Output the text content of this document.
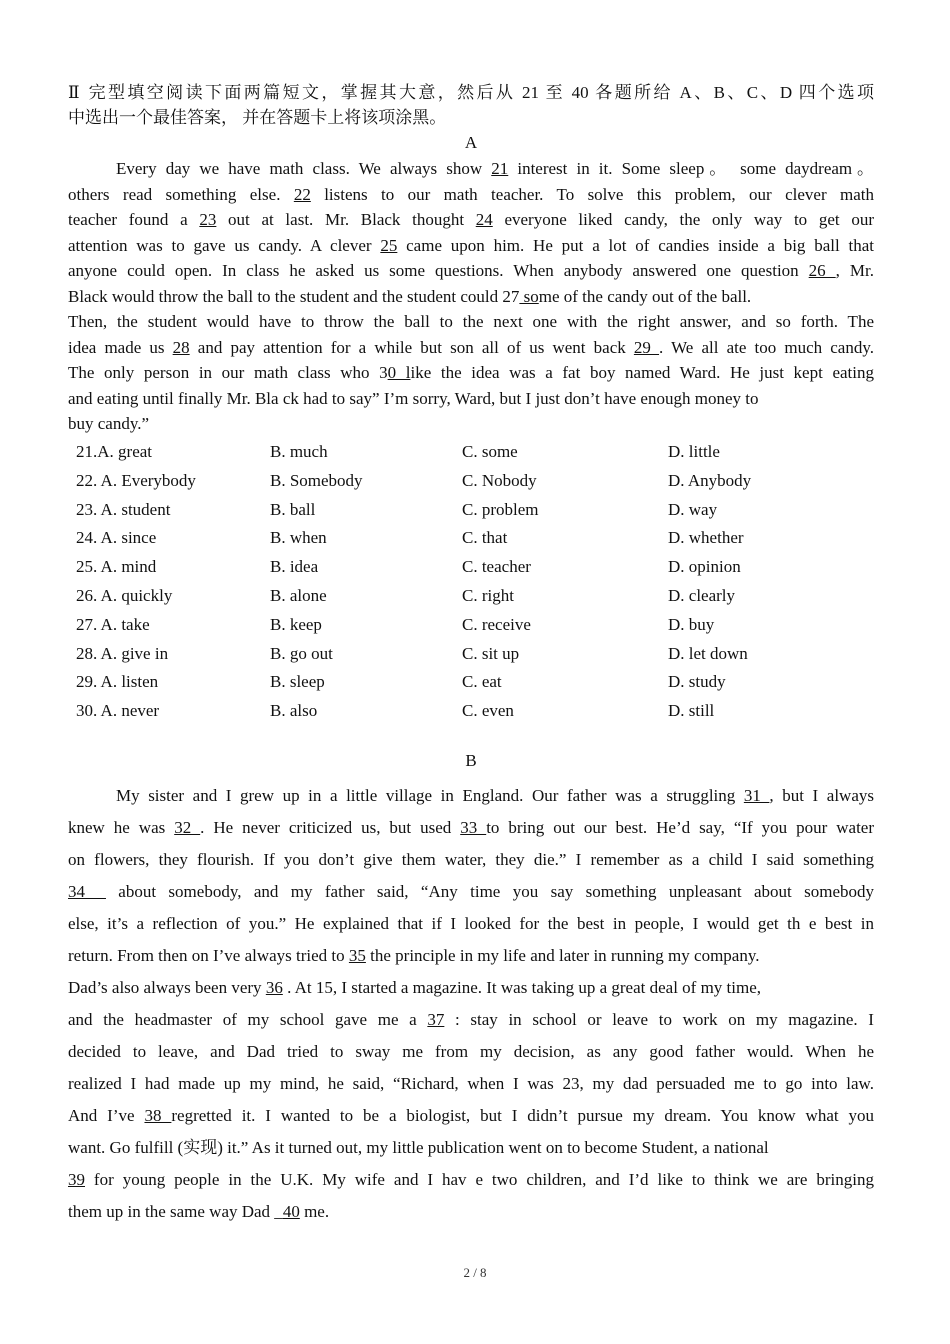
Ⅱ 完型填空阅读下面两篇短文，掌握其大意，然后从 21 至 40 各题所给 A、B、C、D 四个选项
中选出一个最佳答案， 并在答题卡上将该项涂黑。
A
Every day we have math class. We always show 21 interest in it. Some sleep。 some daydream。
others read something else. 22 listens to our math teacher. To solve this problem, our clever math
teacher found a 23 out at last. Mr. Black thought 24 everyone liked candy, the only way to get our
attention was to gave us candy. A clever 25 came upon him. He put a lot of candies inside a big ball that
anyone could open. In class he asked us some questions. When anybody answered one question 26 , Mr.
Black would throw the ball to the student and the student could 27 some of the candy out of the ball.
Then, the student would have to throw the ball to the next one with the right answer, and so forth. The
idea made us 28 and pay attention for a while but son all of us went back 29 . We all ate too much candy.
The only person in our math class who 30 like the idea was a fat boy named Ward. He just kept eating
and eating until finally Mr. Bla ck had to say” I’m sorry, Ward, but I just don’t have enough money to
buy candy.”
21.A. great	B. much	C. some	D. little
22. A. Everybody	B. Somebody	C. Nobody	D. Anybody
23. A. student	B. ball	C. problem	D. way
24. A. since	B. when	C. that	D. whether
25. A. mind	B. idea	C. teacher	D. opinion
26. A. quickly	B. alone	C. right	D. clearly
27. A. take	B. keep	C. receive	D. buy
28. A. give in	B. go out	C. sit up	D. let down
29. A. listen	B. sleep	C. eat	D. study
30. A. never	B. also	C. even	D. still
B
My sister and I grew up in a little village in England. Our father was a struggling 31 , but I always
knew he was 32 . He never criticized us, but used 33 to bring out our best. He’d say, “If you pour water
on flowers, they flourish. If you don’t give them water, they die.” I remember as a child I said something
34 _ about somebody, and my father said, “Any time you say something unpleasant about somebody
else, it’s a reflection of you.” He explained that if I looked for the best in people, I would get th e best in
return. From then on I’ve always tried to 35 the principle in my life and later in running my company.
Dad’s also always been very 36 . At 15, I started a magazine. It was taking up a great deal of my time,
and the headmaster of my school gave me a 37 : stay in school or leave to work on my magazine. I
decided to leave, and Dad tried to sway me from my decision, as any good father would. When he
realized I had made up my mind, he said, “Richard, when I was 23, my dad persuaded me to go into law.
And I’ve 38 regretted it. I wanted to be a biologist, but I didn’t pursue my dream. You know what you
want. Go fulfill (实现) it.” As it turned out, my little publication went on to become Student, a national
39 for young people in the U.K. My wife and I hav e two children, and I’d like to think we are bringing
them up in the same way Dad _40 me.
2 / 8
